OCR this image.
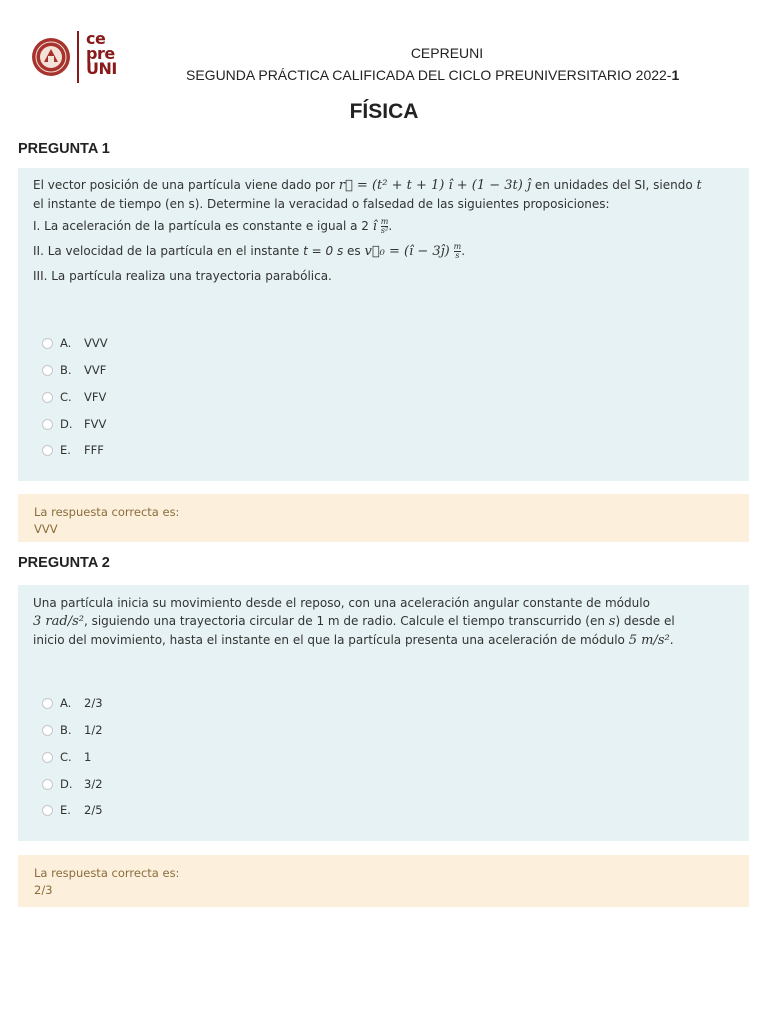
ce
pre
UNI
CEPREUNI
SEGUNDA PRÁCTICA CALIFICADA DEL CICLO PREUNIVERSITARIO 2022-1
FÍSICA
PREGUNTA 1
El vector posición de una partícula viene dado por r⃗ = (t² + t + 1) î + (1 − 3t) ĵ en unidades del SI, siendo t
el instante de tiempo (en s). Determine la veracidad o falsedad de las siguientes proposiciones:
I. La aceleración de la partícula es constante e igual a 2 î $\frac{m}{\text{s²}}$ .
II. La velocidad de la partícula en el instante t = 0 s es v⃗₀ = (î − 3ĵ) $\frac{m}{s}$ .
III. La partícula realiza una trayectoria parabólica.
A.	VVV
B.	VVF
C.	VFV
D. FVV
E.	FFF
La respuesta correcta es:
VVV
PREGUNTA 2
Una partícula inicia su movimiento desde el reposo, con una aceleración angular constante de módulo
3 rad/s², siguiendo una trayectoria circular de 1 m de radio. Calcule el tiempo transcurrido (en s) desde el
inicio del movimiento, hasta el instante en el que la partícula presenta una aceleración de módulo 5 m/s².
A.	2/3
B.	1/2
C.	1
D. 3/2
E.	2/5
La respuesta correcta es:
2/3
